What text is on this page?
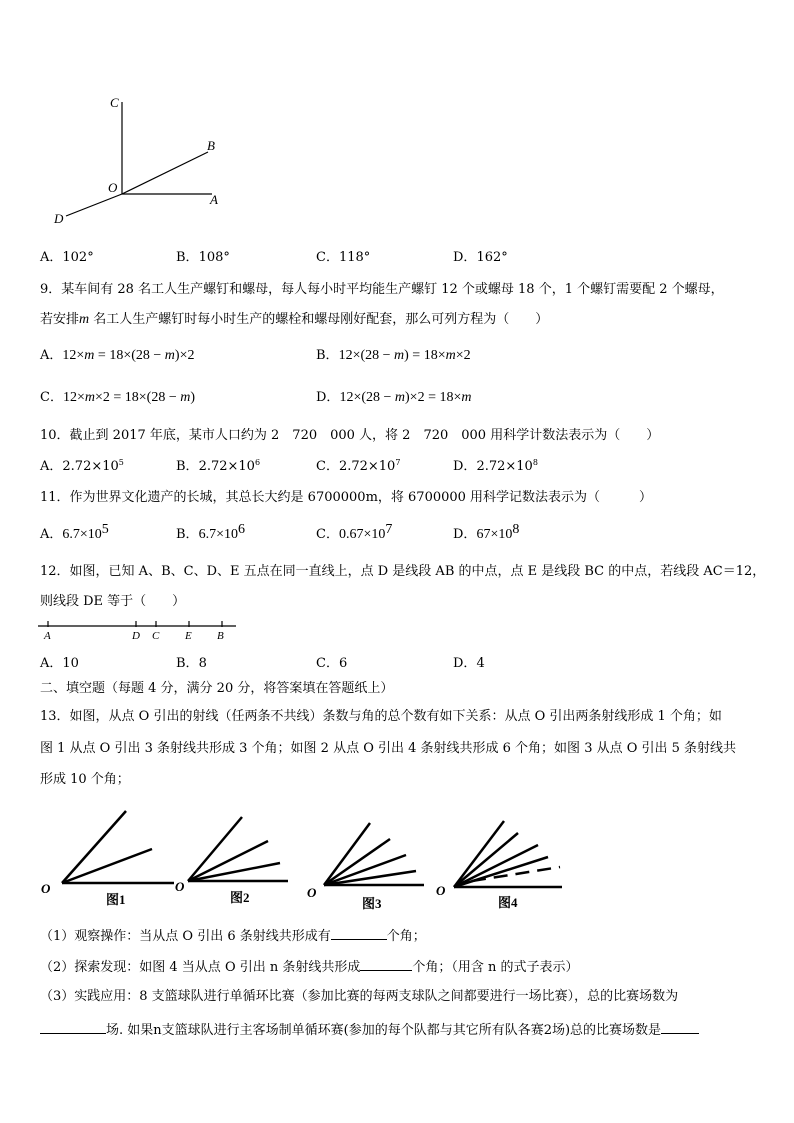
C
B
O
A
D
A．102°	B．108°	C．118°	D．162°
9．某车间有 28 名工人生产螺钉和螺母，每人每小时平均能生产螺钉 12 个或螺母 18 个，1 个螺钉需要配 2 个螺母，
若安排m 名工人生产螺钉时每小时生产的螺栓和螺母刚好配套，那么可列方程为（　　）
A．12×m = 18×(28 − m)×2	B．12×(28 − m) = 18×m×2
C．12×m×2 = 18×(28 − m)	D．12×(28 − m)×2 = 18×m
10．截止到 2017 年底，某市人口约为 2　720　000 人，将 2　720　000 用科学计数法表示为（　　）
A．$2.72\times 10^5$	B．$2.72\times 10^6$	C．$2.72\times 10^7$	D．$2.72\times 10^8$
11．作为世界文化遗产的长城，其总长大约是 6700000m，将 6700000 用科学记数法表示为（　　　）
A．$6.7\times 10^5$	B．$6.7\times 10^6$	C．$0.67\times 10^7$	D．$67\times 10^8$
12．如图，已知 A、B、C、D、E 五点在同一直线上，点 D 是线段 AB 的中点，点 E 是线段 BC 的中点，若线段 AC＝12，
则线段 DE 等于（　　）
A	D C E B
A．10	B．8	C．6	D．4
二、填空题（每题 4 分，满分 20 分，将答案填在答题纸上）
13．如图，从点 O 引出的射线（任两条不共线）条数与角的总个数有如下关系：从点 O 引出两条射线形成 1 个角；如
图 1 从点 O 引出 3 条射线共形成 3 个角；如图 2 从点 O 引出 4 条射线共形成 6 个角；如图 3 从点 O 引出 5 条射线共
形成 10 个角；
O
图1
O
图2	O
图3
O
图4
（1）观察操作：当从点 O 引出 6 条射线共形成有	个角；
（2）探索发现：如图 4 当从点 O 引出 n 条射线共形成	个角；（用含 n 的式子表示）
（3）实践应用：8 支篮球队进行单循环比赛（参加比赛的每两支球队之间都要进行一场比赛），总的比赛场数为
场. 如果n支篮球队进行主客场制单循环赛(参加的每个队都与其它所有队各赛2场)总的比赛场数是
